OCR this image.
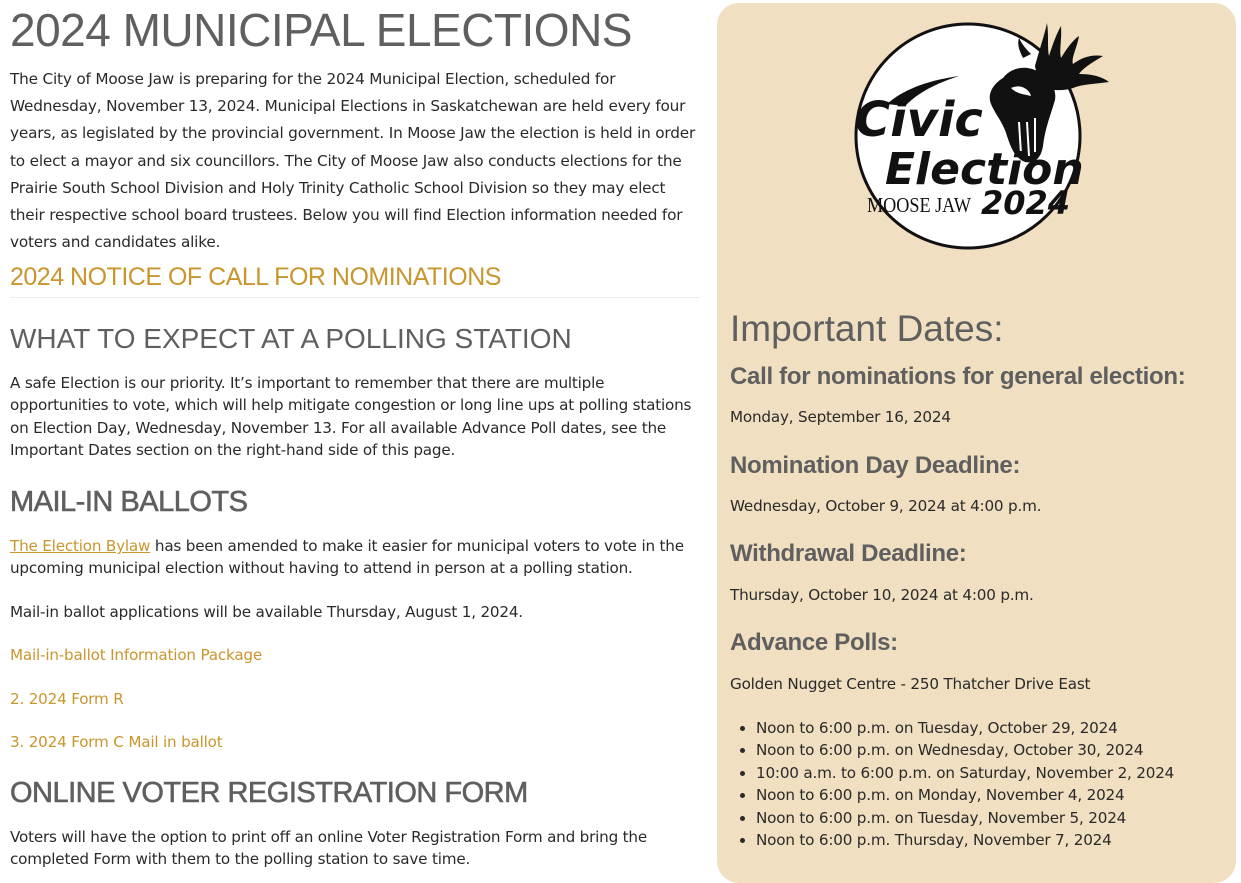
2024 MUNICIPAL ELECTIONS

The City of Moose Jaw is preparing for the 2024 Municipal Election, scheduled for Wednesday, November 13, 2024. Municipal Elections in Saskatchewan are held every four years, as legislated by the provincial government. In Moose Jaw the election is held in order to elect a mayor and six councillors. The City of Moose Jaw also conducts elections for the Prairie South School Division and Holy Trinity Catholic School Division so they may elect their respective school board trustees. Below you will find Election information needed for voters and candidates alike.

2024 NOTICE OF CALL FOR NOMINATIONS
WHAT TO EXPECT AT A POLLING STATION

A safe Election is our priority. It’s important to remember that there are multiple opportunities to vote, which will help mitigate congestion or long line ups at polling stations on Election Day, Wednesday, November 13. For all available Advance Poll dates, see the Important Dates section on the right-hand side of this page.

MAIL-IN BALLOTS

The Election Bylaw has been amended to make it easier for municipal voters to vote in the upcoming municipal election without having to attend in person at a polling station.

Mail-in ballot applications will be available Thursday, August 1, 2024.

Mail-in-ballot Information Package
2. 2024 Form R
3. 2024 Form C Mail in ballot
ONLINE VOTER REGISTRATION FORM

Voters will have the option to print off an online Voter Registration Form and bring the completed Form with them to the polling station to save time.

Civic
Election
MOOSE JAW 2024
Important Dates:
Call for nominations for general election:

Monday, September 16, 2024

Nomination Day Deadline:

Wednesday, October 9, 2024 at 4:00 p.m.

Withdrawal Deadline:

Thursday, October 10, 2024 at 4:00 p.m.

Advance Polls:

Golden Nugget Centre - 250 Thatcher Drive East

• Noon to 6:00 p.m. on Tuesday, October 29, 2024
• Noon to 6:00 p.m. on Wednesday, October 30, 2024
• 10:00 a.m. to 6:00 p.m. on Saturday, November 2, 2024
• Noon to 6:00 p.m. on Monday, November 4, 2024
• Noon to 6:00 p.m. on Tuesday, November 5, 2024
• Noon to 6:00 p.m. Thursday, November 7, 2024
